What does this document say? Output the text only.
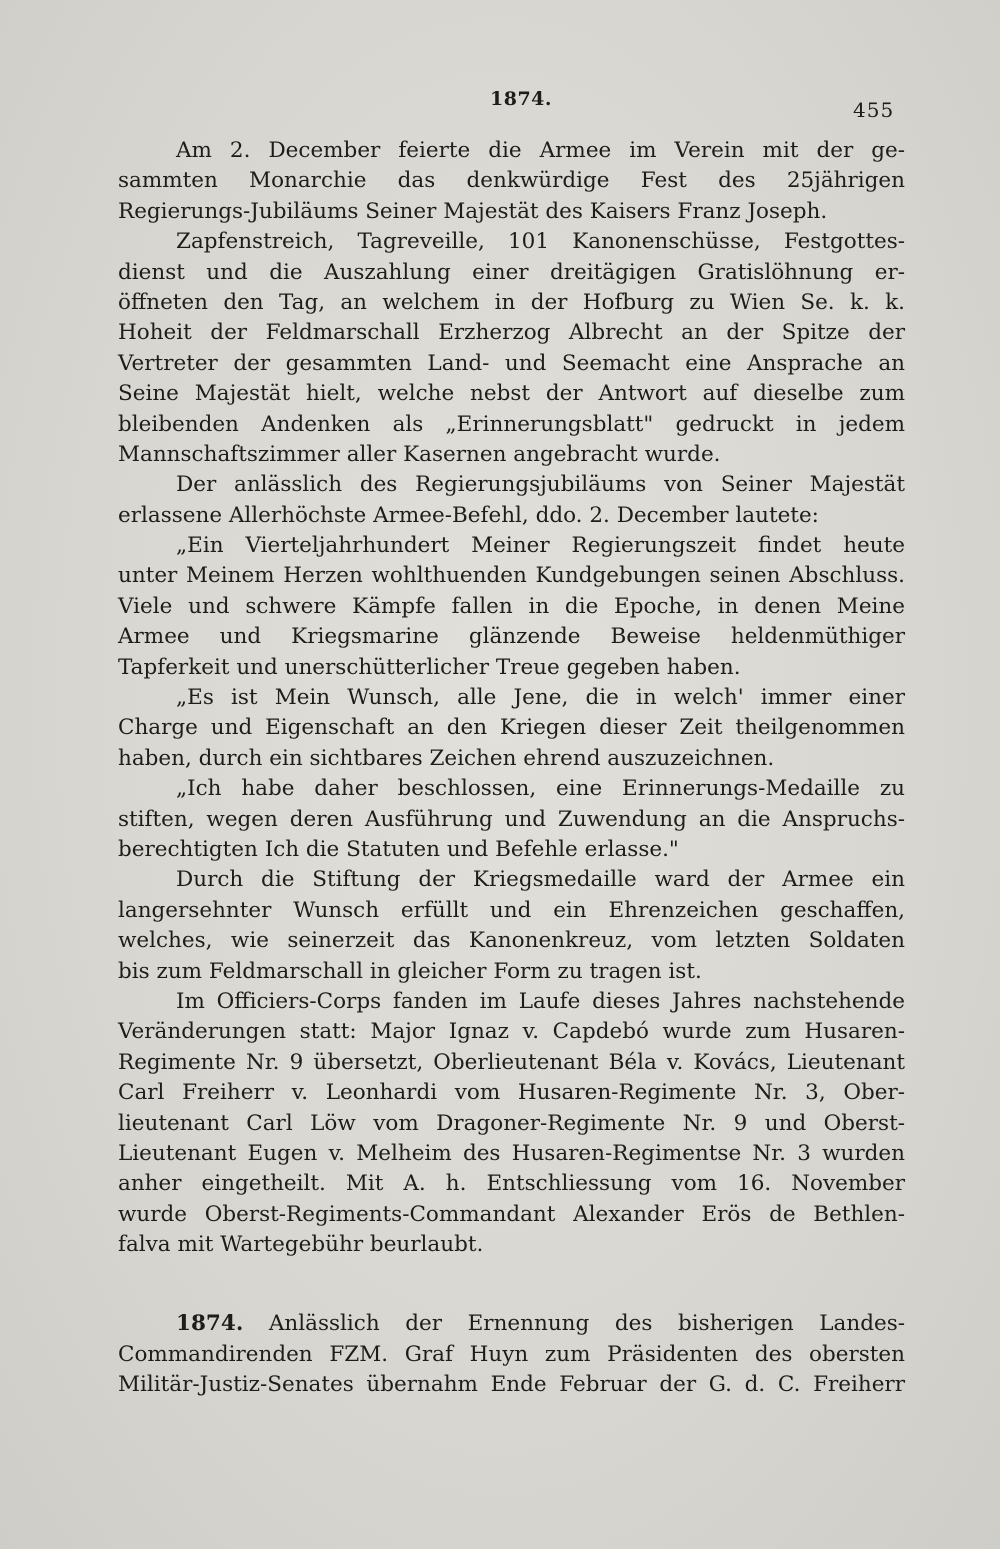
1874.	455
Am 2. December feierte die Armee im Verein mit der ge-
sammten Monarchie das denkwürdige Fest des 25jährigen
Regierungs-Jubiläums Seiner Majestät des Kaisers Franz Joseph.
Zapfenstreich, Tagreveille, 101 Kanonenschüsse, Festgottes-
dienst und die Auszahlung einer dreitägigen Gratislöhnung er-
öffneten den Tag, an welchem in der Hofburg zu Wien Se. k. k.
Hoheit der Feldmarschall Erzherzog Albrecht an der Spitze der
Vertreter der gesammten Land- und Seemacht eine Ansprache an
Seine Majestät hielt, welche nebst der Antwort auf dieselbe zum
bleibenden Andenken als „Erinnerungsblatt" gedruckt in jedem
Mannschaftszimmer aller Kasernen angebracht wurde.
Der anlässlich des Regierungsjubiläums von Seiner Majestät
erlassene Allerhöchste Armee-Befehl, ddo. 2. December lautete:
„Ein Vierteljahrhundert Meiner Regierungszeit findet heute
unter Meinem Herzen wohlthuenden Kundgebungen seinen Abschluss.
Viele und schwere Kämpfe fallen in die Epoche, in denen Meine
Armee und Kriegsmarine glänzende Beweise heldenmüthiger
Tapferkeit und unerschütterlicher Treue gegeben haben.
„Es ist Mein Wunsch, alle Jene, die in welch' immer einer
Charge und Eigenschaft an den Kriegen dieser Zeit theilgenommen
haben, durch ein sichtbares Zeichen ehrend auszuzeichnen.
„Ich habe daher beschlossen, eine Erinnerungs-Medaille zu
stiften, wegen deren Ausführung und Zuwendung an die Anspruchs-
berechtigten Ich die Statuten und Befehle erlasse."
Durch die Stiftung der Kriegsmedaille ward der Armee ein
langersehnter Wunsch erfüllt und ein Ehrenzeichen geschaffen,
welches, wie seinerzeit das Kanonenkreuz, vom letzten Soldaten
bis zum Feldmarschall in gleicher Form zu tragen ist.
Im Officiers-Corps fanden im Laufe dieses Jahres nachstehende
Veränderungen statt: Major Ignaz v. Capdebó wurde zum Husaren-
Regimente Nr. 9 übersetzt, Oberlieutenant Béla v. Kovács, Lieutenant
Carl Freiherr v. Leonhardi vom Husaren-Regimente Nr. 3, Ober-
lieutenant Carl Löw vom Dragoner-Regimente Nr. 9 und Oberst-
Lieutenant Eugen v. Melheim des Husaren-Regimentse Nr. 3 wurden
anher eingetheilt. Mit A. h. Entschliessung vom 16. November
wurde Oberst-Regiments-Commandant Alexander Erös de Bethlen-
falva mit Wartegebühr beurlaubt.
1874. Anlässlich der Ernennung des bisherigen Landes-
Commandirenden FZM. Graf Huyn zum Präsidenten des obersten
Militär-Justiz-Senates übernahm Ende Februar der G. d. C. Freiherr
